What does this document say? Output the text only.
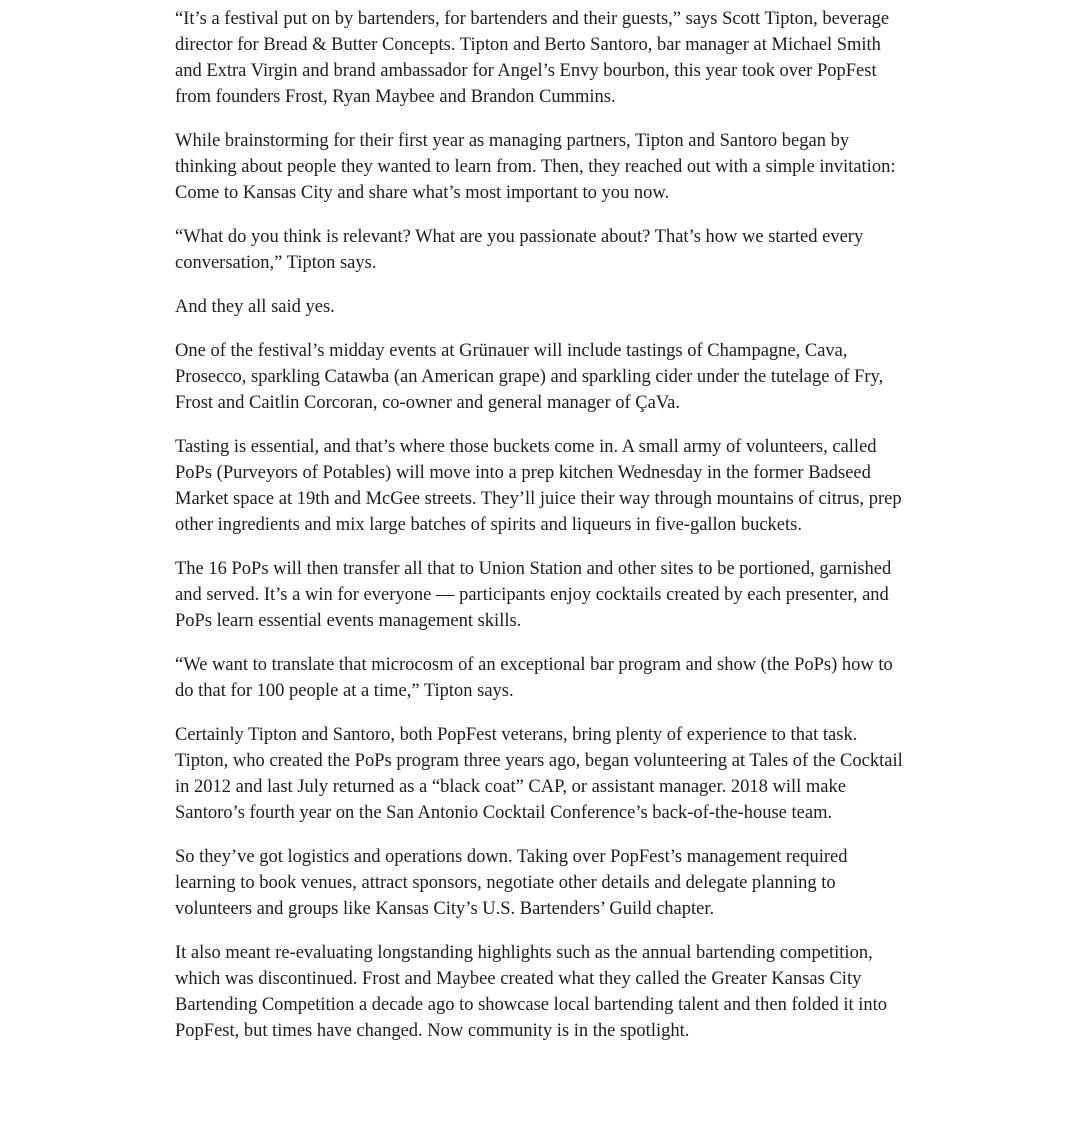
“It’s a festival put on by bartenders, for bartenders and their guests,” says Scott Tipton, beverage director for Bread & Butter Concepts. Tipton and Berto Santoro, bar manager at Michael Smith and Extra Virgin and brand ambassador for Angel’s Envy bourbon, this year took over PopFest from founders Frost, Ryan Maybee and Brandon Cummins.

While brainstorming for their first year as managing partners, Tipton and Santoro began by thinking about people they wanted to learn from. Then, they reached out with a simple invitation: Come to Kansas City and share what’s most important to you now.

“What do you think is relevant? What are you passionate about? That’s how we started every conversation,” Tipton says.

And they all said yes.

One of the festival’s midday events at Grünauer will include tastings of Champagne, Cava, Prosecco, sparkling Catawba (an American grape) and sparkling cider under the tutelage of Fry, Frost and Caitlin Corcoran, co-owner and general manager of ÇaVa.

Tasting is essential, and that’s where those buckets come in. A small army of volunteers, called PoPs (Purveyors of Potables) will move into a prep kitchen Wednesday in the former Badseed Market space at 19th and McGee streets. They’ll juice their way through mountains of citrus, prep other ingredients and mix large batches of spirits and liqueurs in five-gallon buckets.

The 16 PoPs will then transfer all that to Union Station and other sites to be portioned, garnished and served. It’s a win for everyone — participants enjoy cocktails created by each presenter, and PoPs learn essential events management skills.

“We want to translate that microcosm of an exceptional bar program and show (the PoPs) how to do that for 100 people at a time,” Tipton says.

Certainly Tipton and Santoro, both PopFest veterans, bring plenty of experience to that task. Tipton, who created the PoPs program three years ago, began volunteering at Tales of the Cocktail in 2012 and last July returned as a “black coat” CAP, or assistant manager. 2018 will make Santoro’s fourth year on the San Antonio Cocktail Conference’s back-of-the-house team.

So they’ve got logistics and operations down. Taking over PopFest’s management required learning to book venues, attract sponsors, negotiate other details and delegate planning to volunteers and groups like Kansas City’s U.S. Bartenders’ Guild chapter.

It also meant re-evaluating longstanding highlights such as the annual bartending competition, which was discontinued. Frost and Maybee created what they called the Greater Kansas City Bartending Competition a decade ago to showcase local bartending talent and then folded it into PopFest, but times have changed. Now community is in the spotlight.
